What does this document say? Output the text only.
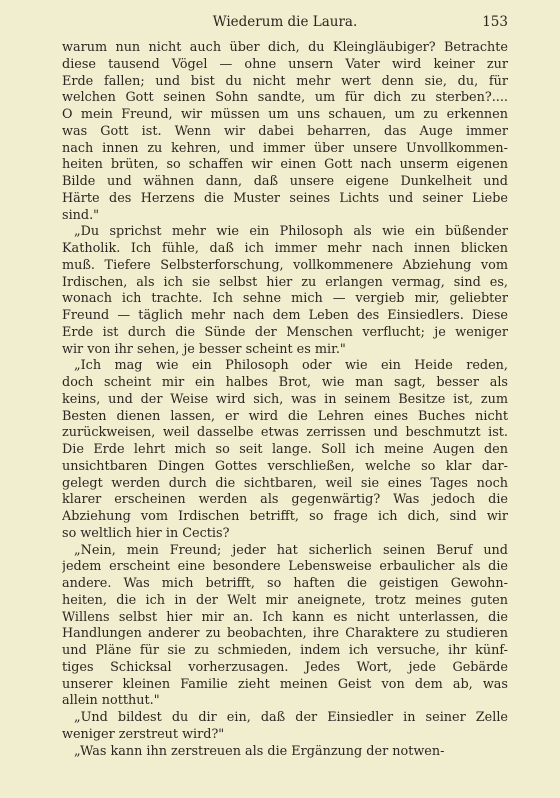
Wiederum die Laura.	153
warum nun nicht auch über dich, du Kleingläubiger? Betrachte
diese tausend Vögel — ohne unsern Vater wird keiner zur
Erde fallen; und bist du nicht mehr wert denn sie, du, für
welchen Gott seinen Sohn sandte, um für dich zu sterben?....
O mein Freund, wir müssen um uns schauen, um zu erkennen
was Gott ist. Wenn wir dabei beharren, das Auge immer
nach innen zu kehren, und immer über unsere Unvollkommen-
heiten brüten, so schaffen wir einen Gott nach unserm eigenen
Bilde und wähnen dann, daß unsere eigene Dunkelheit und
Härte des Herzens die Muster seines Lichts und seiner Liebe
sind."
„Du sprichst mehr wie ein Philosoph als wie ein büßender
Katholik. Ich fühle, daß ich immer mehr nach innen blicken
muß. Tiefere Selbsterforschung, vollkommenere Abziehung vom
Irdischen, als ich sie selbst hier zu erlangen vermag, sind es,
wonach ich trachte. Ich sehne mich — vergieb mir, geliebter
Freund — täglich mehr nach dem Leben des Einsiedlers. Diese
Erde ist durch die Sünde der Menschen verflucht; je weniger
wir von ihr sehen, je besser scheint es mir."
„Ich mag wie ein Philosoph oder wie ein Heide reden,
doch scheint mir ein halbes Brot, wie man sagt, besser als
keins, und der Weise wird sich, was in seinem Besitze ist, zum
Besten dienen lassen, er wird die Lehren eines Buches nicht
zurückweisen, weil dasselbe etwas zerrissen und beschmutzt ist.
Die Erde lehrt mich so seit lange. Soll ich meine Augen den
unsichtbaren Dingen Gottes verschließen, welche so klar dar-
gelegt werden durch die sichtbaren, weil sie eines Tages noch
klarer erscheinen werden als gegenwärtig? Was jedoch die
Abziehung vom Irdischen betrifft, so frage ich dich, sind wir
so weltlich hier in Cectis?
„Nein, mein Freund; jeder hat sicherlich seinen Beruf und
jedem erscheint eine besondere Lebensweise erbaulicher als die
andere. Was mich betrifft, so haften die geistigen Gewohn-
heiten, die ich in der Welt mir aneignete, trotz meines guten
Willens selbst hier mir an. Ich kann es nicht unterlassen, die
Handlungen anderer zu beobachten, ihre Charaktere zu studieren
und Pläne für sie zu schmieden, indem ich versuche, ihr künf-
tiges Schicksal vorherzusagen. Jedes Wort, jede Gebärde
unserer kleinen Familie zieht meinen Geist von dem ab, was
allein notthut."
„Und bildest du dir ein, daß der Einsiedler in seiner Zelle
weniger zerstreut wird?"
„Was kann ihn zerstreuen als die Ergänzung der notwen-
